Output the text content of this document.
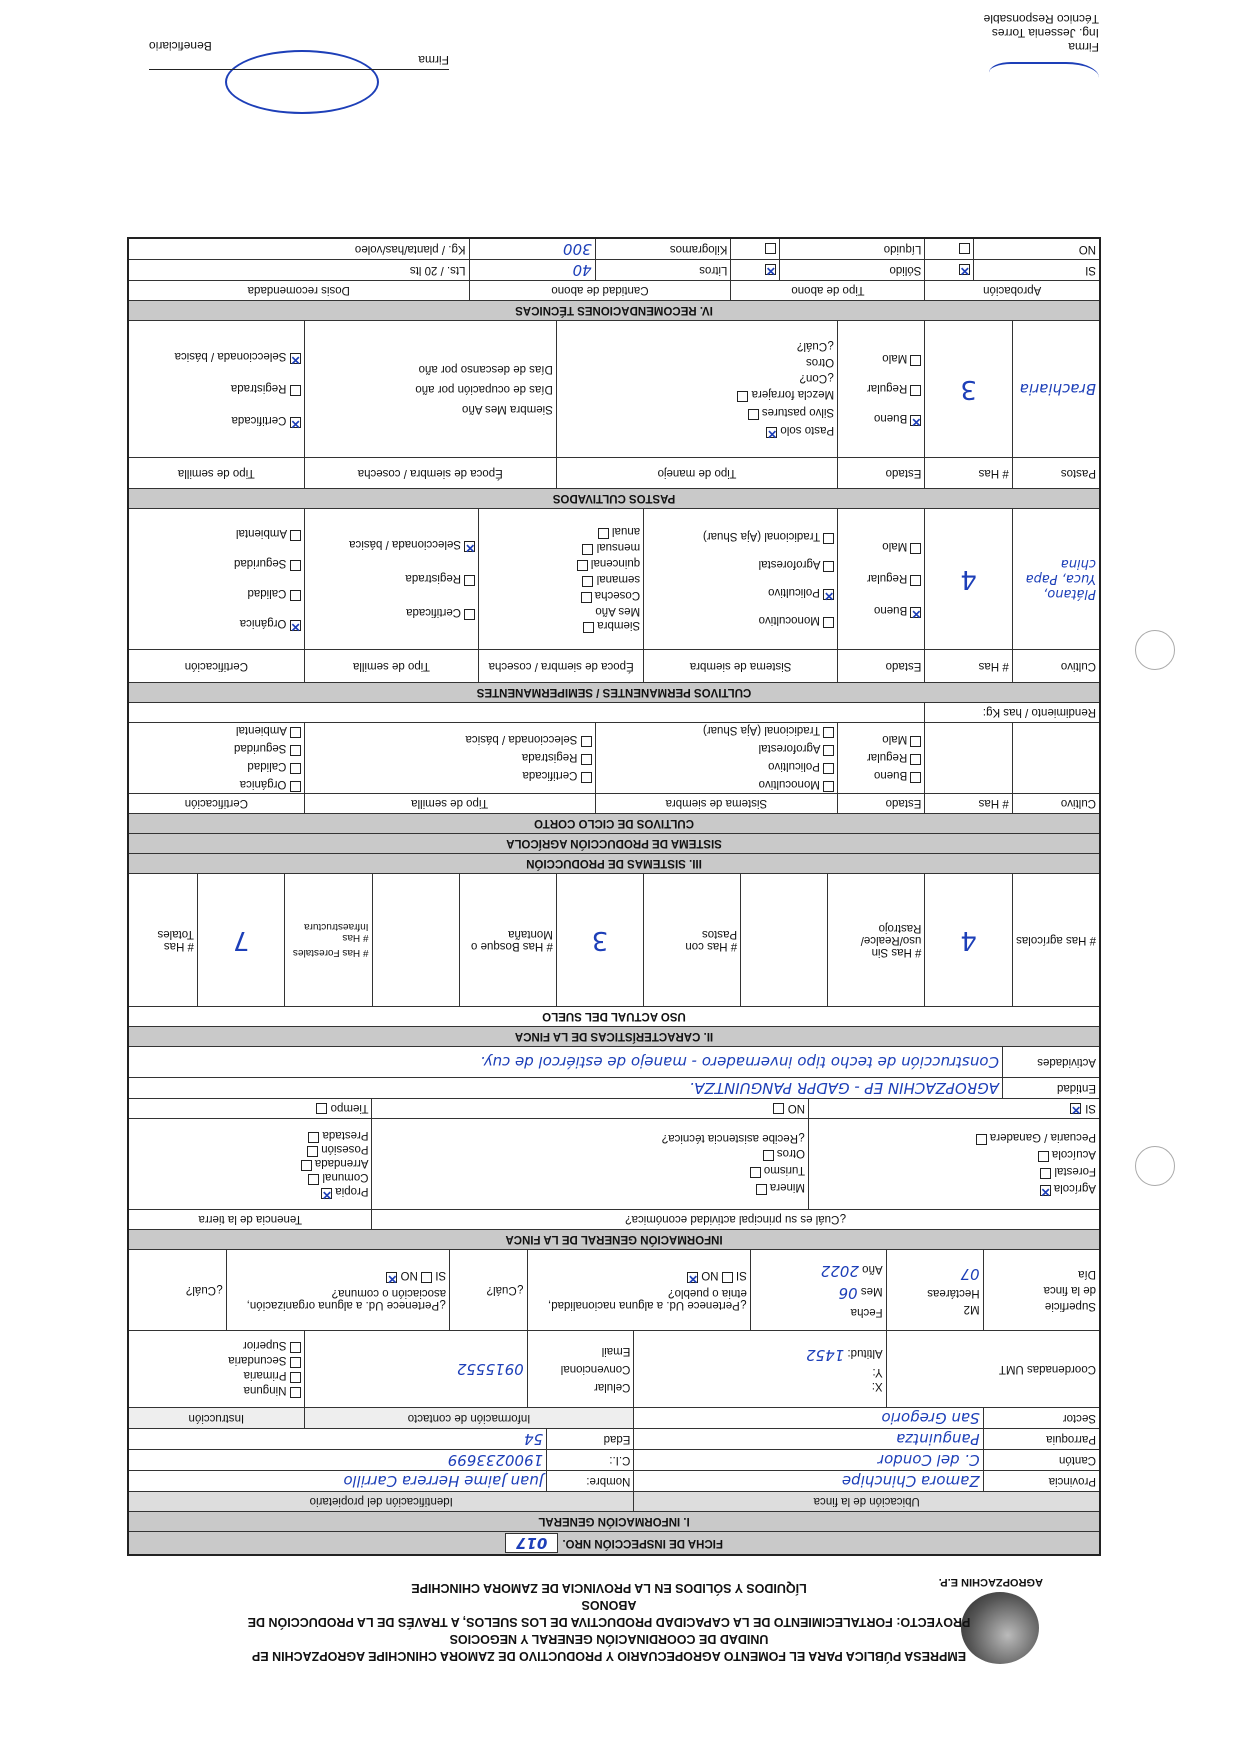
AGROPZACHIN E.P.
EMPRESA PÚBLICA PARA EL FOMENTO AGROPECUARIO Y PRODUCTIVO DE ZAMORA CHINCHIPE AGROPZACHIN EP
UNIDAD DE COORDINACIÓN GENERAL Y NEGOCIOS
PROYECTO: FORTALECIMIENTO DE LA CAPACIDAD PRODUCTIVA DE LOS SUELOS, A TRAVÉS DE LA PRODUCCIÓN DE ABONOS
LÍQUIDOS Y SÓLIDOS EN LA PROVINCIA DE ZAMORA CHINCHIPE
FICHA DE INSPECCIÓN NRO.
017
I. INFORMACIÓN GENERAL
Ubicación de la finca
Identificación del propietario
Provincia
Zamora Chinchipe
Nombre:
Juan Jaime Herrera Carrillo
Cantón
C. del Condor
C.I.:
1900233699
Parroquia
Panguintza
Edad
54
Sector
San Gregorio
Información de contacto
Instrucción
Coordenadas UMT
X:
Y:
Altitud: 1452
Celular
Convencional
Email
0915552
Ninguna
Primaria
Secundaria
Superior
Superficie
de la finca
Día
M2
Hectáreas
07
Fecha
Mes 06
Año 2022
¿Pertenece Ud. a alguna nacionalidad, etnia o pueblo?
SI  NO ✕
¿Cuál?
¿Pertenece Ud. a alguna organización, asociación o comuna?
SI  NO ✕
¿Cuál?
INFORMACIÓN GENERAL DE LA FINCA
¿Cuál es su principal actividad económica?
Tenencia de la tierra
Agrícola ✕
Forestal
Acuícola
Pecuaria / Ganadera
Minera
Turismo
Otros
¿Recibe asistencia técnica?
Propia ✕
Comunal
Arrendada
Posesión
Prestada
SI
✕
NO
Tiempo
Entidad
AGROPZACHIN EP - GADPR PANGUINTZA.
Actividades
Construcción de techo tipo invernadero - manejo de estiércol de cuy.
II. CARACTERÍSTICAS DE LA FINCA
USO ACTUAL DEL SUELO
# Has agrícolas
4
# Has Sin uso/Realce/ Rastrojo
# Has con Pastos
3
# Has Bosque o Montaña
# Has Forestales
# Has Infraestructura
7
# Has Totales
III. SISTEMAS DE PRODUCCIÓN
SISTEMA DE PRODUCCIÓN AGRÍCOLA
CULTIVOS DE CICLO CORTO
Cultivo
# Has
Estado
Sistema de siembra
Tipo de semilla
Certificación
Bueno
Regular
Malo
Monocultivo
Policultivo
Agroforestal
Tradicional (Aja Shuar)
Certificada
Registrada
Seleccionada / básica
Orgánica
Calidad
Seguridad
Ambiental
Rendimiento / has Kg:
CULTIVOS PERMANENTES / SEMIPERMANENTES
Cultivo
# Has
Estado
Sistema de siembra
Época de siembra / cosecha
Tipo de semilla
Certificación
Plátano, Yuca, Papa china
4
✕ Bueno
Regular
Malo
Monocultivo
✕ Policultivo
Agroforestal
Tradicional (Aja Shuar)
Siembra
Mes Año
Cosecha
semanal
quincenal
mensual
anual
Certificada
Registrada
✕ Seleccionada / básica
✕ Orgánica
Calidad
Seguridad
Ambiental
PASTOS CULTIVADOS
Pastos
# Has
Estado
Tipo de manejo
Época de siembra / cosecha
Tipo de semilla
Brachiaria
3
✕ Bueno
Regular
Malo
Pasto solo ✕
Silvo pastures
Mezcla forrajera
¿Con?
Otros
¿Cuál?
Siembra Mes Año
Días de ocupación por año
Días de descanso por año
✕ Certificada
Registrada
✕ Seleccionada / básica
IV. RECOMENDACIONES TÉCNICAS
Aprobación
Tipo de abono
Cantidad de abono
Dosis recomendada
SI
✕
Sólido
✕
Litros
40
Lts. / 20 lts
NO
Líquido
Kilogramos
300
Kg. / planta/has/voleo
Firma
Ing. Jessenia Torres
Técnico Responsable
Firma
Beneficiario
